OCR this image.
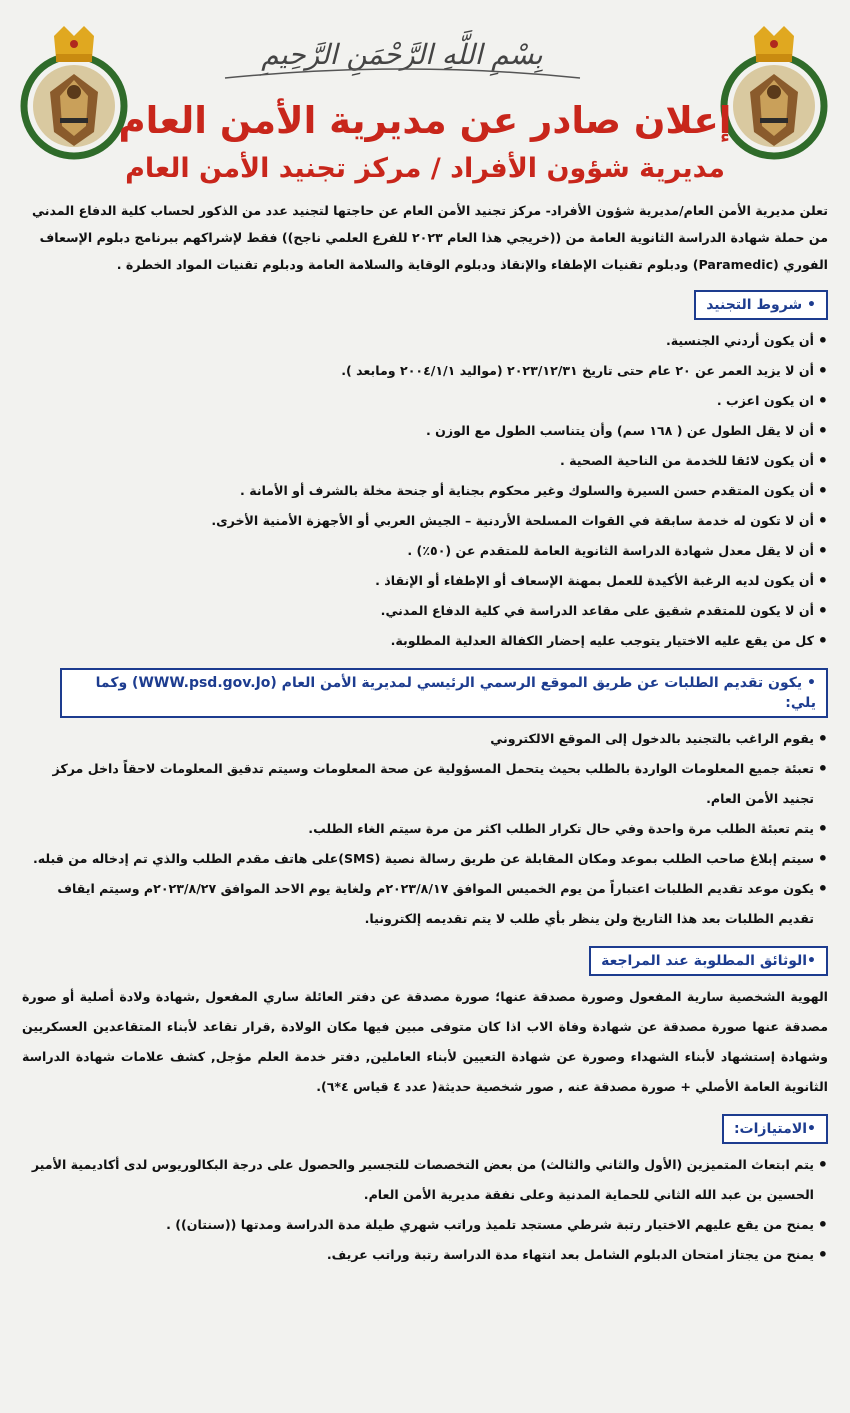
بِسْمِ اللَّهِ الرَّحْمَنِ الرَّحِيمِ
إعلان صادر عن مديرية الأمن العام
مديرية شؤون الأفراد / مركز تجنيد الأمن العام

تعلن مديرية الأمن العام/مديرية شؤون الأفراد- مركز تجنيد الأمن العام عن حاجتها لتجنيد عدد من الذكور لحساب كلية الدفاع المدني

من حملة شهادة الدراسة الثانوية العامة من ((خريجي هذا العام ٢٠٢٣ للفرع العلمي ناجح)) فقط لإشراكهم ببرنامج دبلوم الإسعاف

الفوري (Paramedic) ودبلوم تقنيات الإطفاء والإنقاذ ودبلوم الوقاية والسلامة العامة ودبلوم تقنيات المواد الخطرة .

• شروط التجنيد
• أن يكون أردني الجنسية.
• أن لا يزيد العمر عن ٢٠ عام حتى تاريخ ٢٠٢٣/١٢/٣١ (مواليد ٢٠٠٤/١/١ ومابعد ).
• ان يكون اعزب .
• أن لا يقل الطول عن ( ١٦٨ سم) وأن يتناسب الطول مع الوزن .
• أن يكون لائقا للخدمة من الناحية الصحية .
• أن يكون المتقدم حسن السيرة والسلوك وغير محكوم بجناية أو جنحة مخلة بالشرف أو الأمانة .
• أن لا تكون له خدمة سابقة في القوات المسلحة الأردنية – الجيش العربي أو الأجهزة الأمنية الأخرى.
• أن لا يقل معدل شهادة الدراسة الثانوية العامة للمتقدم عن (٥٠٪) .
• أن يكون لديه الرغبة الأكيدة للعمل بمهنة الإسعاف أو الإطفاء أو الإنقاذ .
• أن لا يكون للمتقدم شقيق على مقاعد الدراسة في كلية الدفاع المدني.
• كل من يقع عليه الاختيار يتوجب عليه إحضار الكفالة العدلية المطلوبة.
• يكون تقديم الطلبات عن طريق الموقع الرسمي الرئيسي لمديرية الأمن العام (WWW.psd.gov.Jo) وكما يلي:
• يقوم الراغب بالتجنيد بالدخول إلى الموقع الالكتروني
• تعبئة جميع المعلومات الواردة بالطلب بحيث يتحمل المسؤولية عن صحة المعلومات وسيتم تدقيق المعلومات لاحقاً داخل مركز تجنيد الأمن العام.
• يتم تعبئة الطلب مرة واحدة وفي حال تكرار الطلب اكثر من مرة سيتم الغاء الطلب.
• سيتم إبلاغ صاحب الطلب بموعد ومكان المقابلة عن طريق رسالة نصية (SMS)على هاتف مقدم الطلب والذي تم إدخاله من قبله.
• يكون موعد تقديم الطلبات اعتباراً من يوم الخميس الموافق ٢٠٢٣/٨/١٧م ولغاية يوم الاحد الموافق ٢٠٢٣/٨/٢٧م وسيتم ايقاف تقديم الطلبات بعد هذا التاريخ ولن ينظر بأي طلب لا يتم تقديمه إلكترونيا.
•الوثائق المطلوبة عند المراجعة

الهوية الشخصية سارية المفعول وصورة مصدقة عنها؛ صورة مصدقة عن دفتر العائلة ساري المفعول ,شهادة ولادة أصلية أو صورة مصدقة عنها صورة مصدقة عن شهادة وفاة الاب اذا كان متوفى مبين فيها مكان الولادة ,قرار تقاعد لأبناء المتقاعدين العسكريين وشهادة إستشهاد لأبناء الشهداء وصورة عن شهادة التعيين لأبناء العاملين, دفتر خدمة العلم مؤجل, كشف علامات شهادة الدراسة الثانوية العامة الأصلي + صورة مصدقة عنه , صور شخصية حديثة( عدد ٤ قياس ٤*٦).

•الامتيازات:
• يتم ابتعاث المتميزين (الأول والثاني والثالث) من بعض التخصصات للتجسير والحصول على درجة البكالوريوس لدى أكاديمية الأمير الحسين بن عبد الله الثاني للحماية المدنية وعلى نفقة مديرية الأمن العام.
• يمنح من يقع عليهم الاختيار رتبة شرطي مستجد تلميذ وراتب شهري طيلة مدة الدراسة ومدتها ((سنتان)) .
• يمنح من يجتاز امتحان الدبلوم الشامل بعد انتهاء مدة الدراسة رتبة وراتب عريف.
